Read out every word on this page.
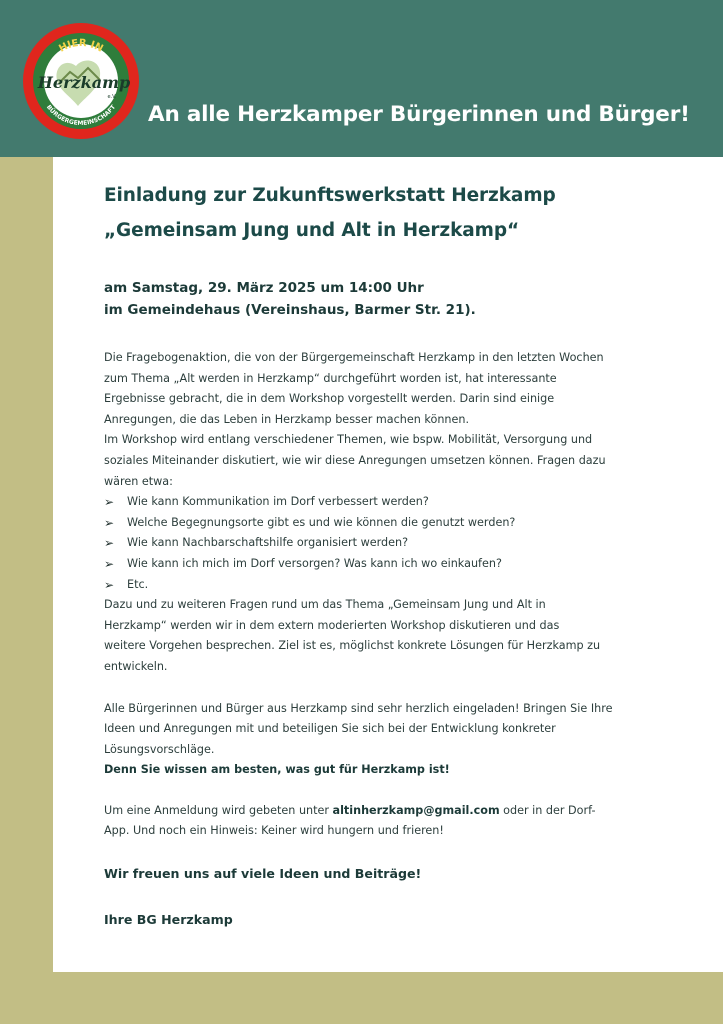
HIER IN
Herzkamp
e.V.
BÜRGERGEMEINSCHAFT An alle Herzkamper Bürgerinnen und Bürger!
Einladung zur Zukunftswerkstatt Herzkamp
„Gemeinsam Jung und Alt in Herzkamp“
am Samstag, 29. März 2025 um 14:00 Uhr
im Gemeindehaus (Vereinshaus, Barmer Str. 21).

Die Fragebogenaktion, die von der Bürgergemeinschaft Herzkamp in den letzten Wochen

zum Thema „Alt werden in Herzkamp“ durchgeführt worden ist, hat interessante

Ergebnisse gebracht, die in dem Workshop vorgestellt werden. Darin sind einige

Anregungen, die das Leben in Herzkamp besser machen können.

Im Workshop wird entlang verschiedener Themen, wie bspw. Mobilität, Versorgung und

soziales Miteinander diskutiert, wie wir diese Anregungen umsetzen können. Fragen dazu

wären etwa:

➢ Wie kann Kommunikation im Dorf verbessert werden?
➢ Welche Begegnungsorte gibt es und wie können die genutzt werden?
➢ Wie kann Nachbarschaftshilfe organisiert werden?
➢ Wie kann ich mich im Dorf versorgen? Was kann ich wo einkaufen?
➢ Etc.

Dazu und zu weiteren Fragen rund um das Thema „Gemeinsam Jung und Alt in

Herzkamp“ werden wir in dem extern moderierten Workshop diskutieren und das

weitere Vorgehen besprechen. Ziel ist es, möglichst konkrete Lösungen für Herzkamp zu

entwickeln.

Alle Bürgerinnen und Bürger aus Herzkamp sind sehr herzlich eingeladen! Bringen Sie Ihre

Ideen und Anregungen mit und beteiligen Sie sich bei der Entwicklung konkreter

Lösungsvorschläge.

Denn Sie wissen am besten, was gut für Herzkamp ist!

Um eine Anmeldung wird gebeten unter altinherzkamp@gmail.com oder in der Dorf-

App. Und noch ein Hinweis: Keiner wird hungern und frieren!

Wir freuen uns auf viele Ideen und Beiträge!
Ihre BG Herzkamp
